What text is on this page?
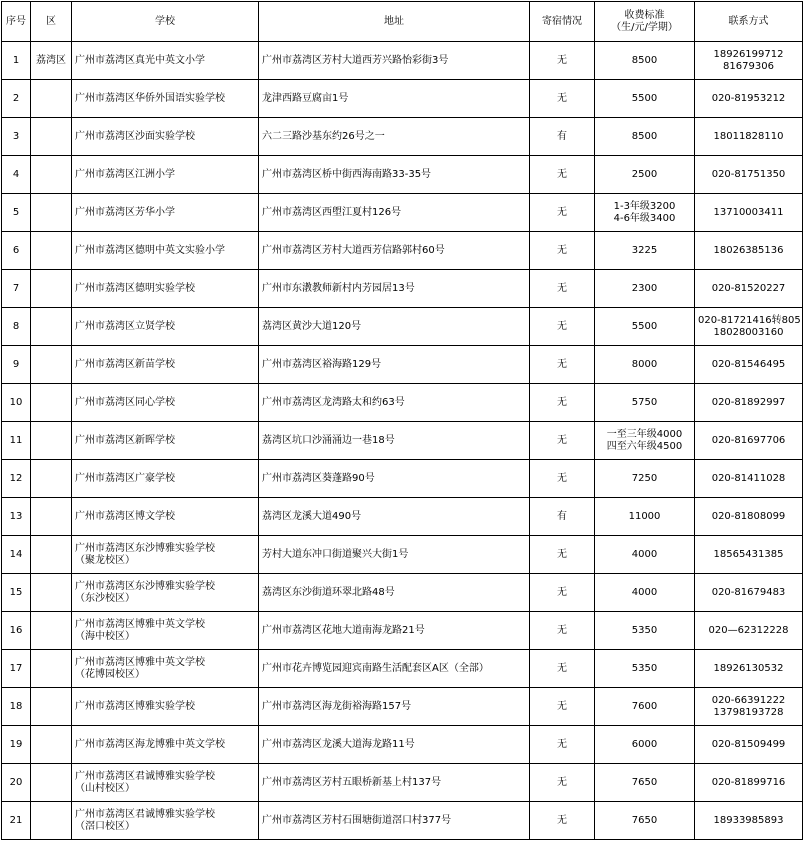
序号	区	学校	地址	寄宿情况	收费标准
（生/元/学期）	联系方式
1	荔湾区	广州市荔湾区真光中英文小学	广州市荔湾区芳村大道西芳兴路怡彩街3号	无	8500	18926199712
81679306

2		广州市荔湾区华侨外国语实验学校	龙津西路豆腐亩1号	无	5500	020-81953212

3		广州市荔湾区沙面实验学校	六二三路沙基东约26号之一	有	8500	18011828110

4		广州市荔湾区江洲小学	广州市荔湾区桥中街西海南路33-35号	无	2500	020-81751350

5		广州市荔湾区芳华小学	广州市荔湾区西塱江夏村126号	无	1-3年级3200
4-6年级3400	13710003411

6		广州市荔湾区德明中英文实验小学	广州市荔湾区芳村大道西芳信路郭村60号	无	3225	18026385136

7		广州市荔湾区德明实验学校	广州市东漖教师新村内芳园居13号	无	2300	020-81520227

8		广州市荔湾区立贤学校	荔湾区黄沙大道120号	无	5500	020-81721416转805
18028003160

9		广州市荔湾区新苗学校	广州市荔湾区裕海路129号	无	8000	020-81546495

10		广州市荔湾区同心学校	广州市荔湾区龙湾路太和约63号	无	5750	020-81892997

11		广州市荔湾区新晖学校	荔湾区坑口沙涌涌边一巷18号	无	一至三年级4000
四至六年级4500	020-81697706

12		广州市荔湾区广豪学校	广州市荔湾区葵蓬路90号	无	7250	020-81411028

13		广州市荔湾区博文学校	荔湾区龙溪大道490号	有	11000	020-81808099

14		广州市荔湾区东沙博雅实验学校
（聚龙校区）	芳村大道东冲口街道聚兴大街1号	无	4000	18565431385

15		广州市荔湾区东沙博雅实验学校
（东沙校区）	荔湾区东沙街道环翠北路48号	无	4000	020-81679483

16		广州市荔湾区博雅中英文学校
（海中校区）	广州市荔湾区花地大道南海龙路21号	无	5350	020—62312228

17		广州市荔湾区博雅中英文学校
（花博园校区）	广州市花卉博览园迎宾南路生活配套区A区（全部）	无	5350	18926130532

18		广州市荔湾区博雅实验学校	广州市荔湾区海龙街裕海路157号	无	7600	020-66391222
13798193728

19		广州市荔湾区海龙博雅中英文学校	广州市荔湾区龙溪大道海龙路11号	无	6000	020-81509499

20		广州市荔湾区君诚博雅实验学校
（山村校区）	广州市荔湾区芳村五眼桥新基上村137号	无	7650	020-81899716

21		广州市荔湾区君诚博雅实验学校
（滘口校区）	广州市荔湾区芳村石围塘街道滘口村377号	无	7650	18933985893
